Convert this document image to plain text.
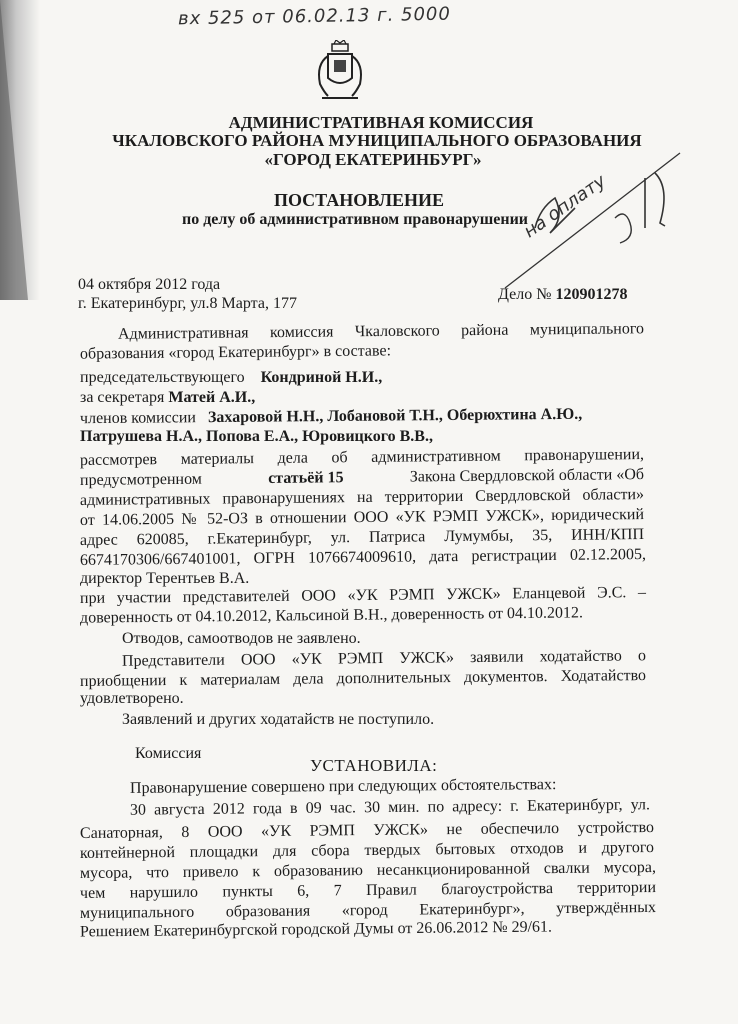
вх 525 от 06.02.13 г. 5000
АДМИНИСТРАТИВНАЯ КОМИССИЯ
ЧКАЛОВСКОГО РАЙОНА МУНИЦИПАЛЬНОГО ОБРАЗОВАНИЯ
«ГОРОД ЕКАТЕРИНБУРГ»
ПОСТАНОВЛЕНИЕ
по делу об административном правонарушении
на оплату
04 октября 2012 года
г. Екатеринбург, ул.8 Марта, 177
Дело № 120901278
Административная комиссия Чкаловского района муниципального
образования «город Екатеринбург» в составе:
председательствующего Кондриной Н.И.,
за секретаря Матей А.И.,
членов комиссии Захаровой Н.Н., Лобановой Т.Н., Оберюхтина А.Ю.,
Патрушева Н.А., Попова Е.А., Юровицкого В.В.,
рассмотрев материалы дела об административном правонарушении,
предусмотренном	статьёй 15	Закона Свердловской области «Об
административных правонарушениях на территории Свердловской области»
от 14.06.2005 № 52-ОЗ в отношении ООО «УК РЭМП УЖСК», юридический
адрес 620085, г.Екатеринбург, ул. Патриса Лумумбы, 35, ИНН/КПП
6674170306/667401001, ОГРН 1076674009610, дата регистрации 02.12.2005,
директор Терентьев В.А.
при участии представителей ООО «УК РЭМП УЖСК» Еланцевой Э.С. –
доверенность от 04.10.2012, Кальсиной В.Н., доверенность от 04.10.2012.
Отводов, самоотводов не заявлено.
Представители ООО «УК РЭМП УЖСК» заявили ходатайство о
приобщении к материалам дела дополнительных документов. Ходатайство
удовлетворено.
Заявлений и других ходатайств не поступило.
Комиссия
УСТАНОВИЛА:
Правонарушение совершено при следующих обстоятельствах:
30 августа 2012 года в 09 час. 30 мин. по адресу: г. Екатеринбург, ул.
Санаторная, 8 ООО «УК РЭМП УЖСК» не обеспечило устройство
контейнерной площадки для сбора твердых бытовых отходов и другого
мусора, что привело к образованию несанкционированной свалки мусора,
чем нарушило пункты 6, 7 Правил благоустройства территории
муниципального образования «город Екатеринбург», утверждённых
Решением Екатеринбургской городской Думы от 26.06.2012 № 29/61.
